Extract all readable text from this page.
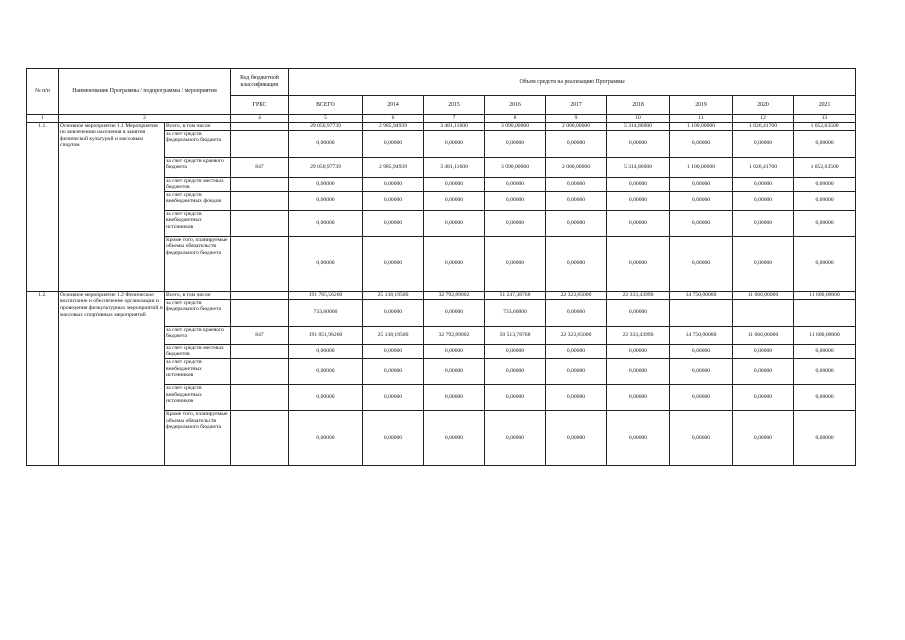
№ п/п	Наименование Программы / подпрограммы / мероприятия		Код бюджетной классификации	Объем средств на реализацию Программы								
			ГРБС	ВСЕГО	2014	2015	2016	2017	2018	2019	2020	2021
1	2		4	5	6	7	8	9	10	11	12	13
1.1.	Основное мероприятие 1.1 Мероприятия по вовлечению населения в занятия физической культурой и массовым спортом	Всего, в том числе:		29 050,97739	2 985,94939	3 481,11600	3 090,00000	2 000,00000	5 314,86000	1 100,00000	1 026,41700	1 052,63500
		за счет средств федерального бюджета		0,00000	0,00000	0,00000	0,00000	0,00000	0,00000	0,00000	0,00000	0,00000
		за счет средств краевого бюджета	847	29 050,97739	2 985,94939	3 481,11600	3 090,00000	2 000,00000	5 314,86000	1 100,00000	1 026,41700	1 052,63500
		за счет средств местных бюджетов		0,00000	0,00000	0,00000	0,00000	0,00000	0,00000	0,00000	0,00000	0,00000
		за счет средств внебюджетных фондов		0,00000	0,00000	0,00000	0,00000	0,00000	0,00000	0,00000	0,00000	0,00000
		за счет средств внебюджетных источников		0,00000	0,00000	0,00000	0,00000	0,00000	0,00000	0,00000	0,00000	0,00000
		Кроме того, планируемые объемы обязательств федерального бюджета		0,00000	0,00000	0,00000	0,00000	0,00000	0,00000	0,00000	0,00000	0,00000
1.2.	Основное мероприятие 1.2 Физическое воспитание и обеспечение организации и проведения физкультурных мероприятий и массовых спортивных мероприятий	Всего, в том числе:		191 785,56260	25 138,19500	32 792,89002	51 247,38768	22 323,65000	22 333,43990	14 750,00000	11 600,00000	11 600,00000
		за счет средств федерального бюджета		733,60000	0,00000	0,00000	733,60000	0,00000	0,00000			
		за счет средств краевого бюджета	847	191 051,96260	25 138,19500	32 792,89002	50 513,78768	22 323,65000	22 333,43990	14 750,00000	11 600,00000	11 600,00000
		за счет средств местных бюджетов		0,00000	0,00000	0,00000	0,00000	0,00000	0,00000	0,00000	0,00000	0,00000
		за счет средств внебюджетных источников		0,00000	0,00000	0,00000	0,00000	0,00000	0,00000	0,00000	0,00000	0,00000
		за счет средств внебюджетных источников		0,00000	0,00000	0,00000	0,00000	0,00000	0,00000	0,00000	0,00000	0,00000
		Кроме того, планируемые объемы обязательств федерального бюджета		0,00000	0,00000	0,00000	0,00000	0,00000	0,00000	0,00000	0,00000	0,00000
